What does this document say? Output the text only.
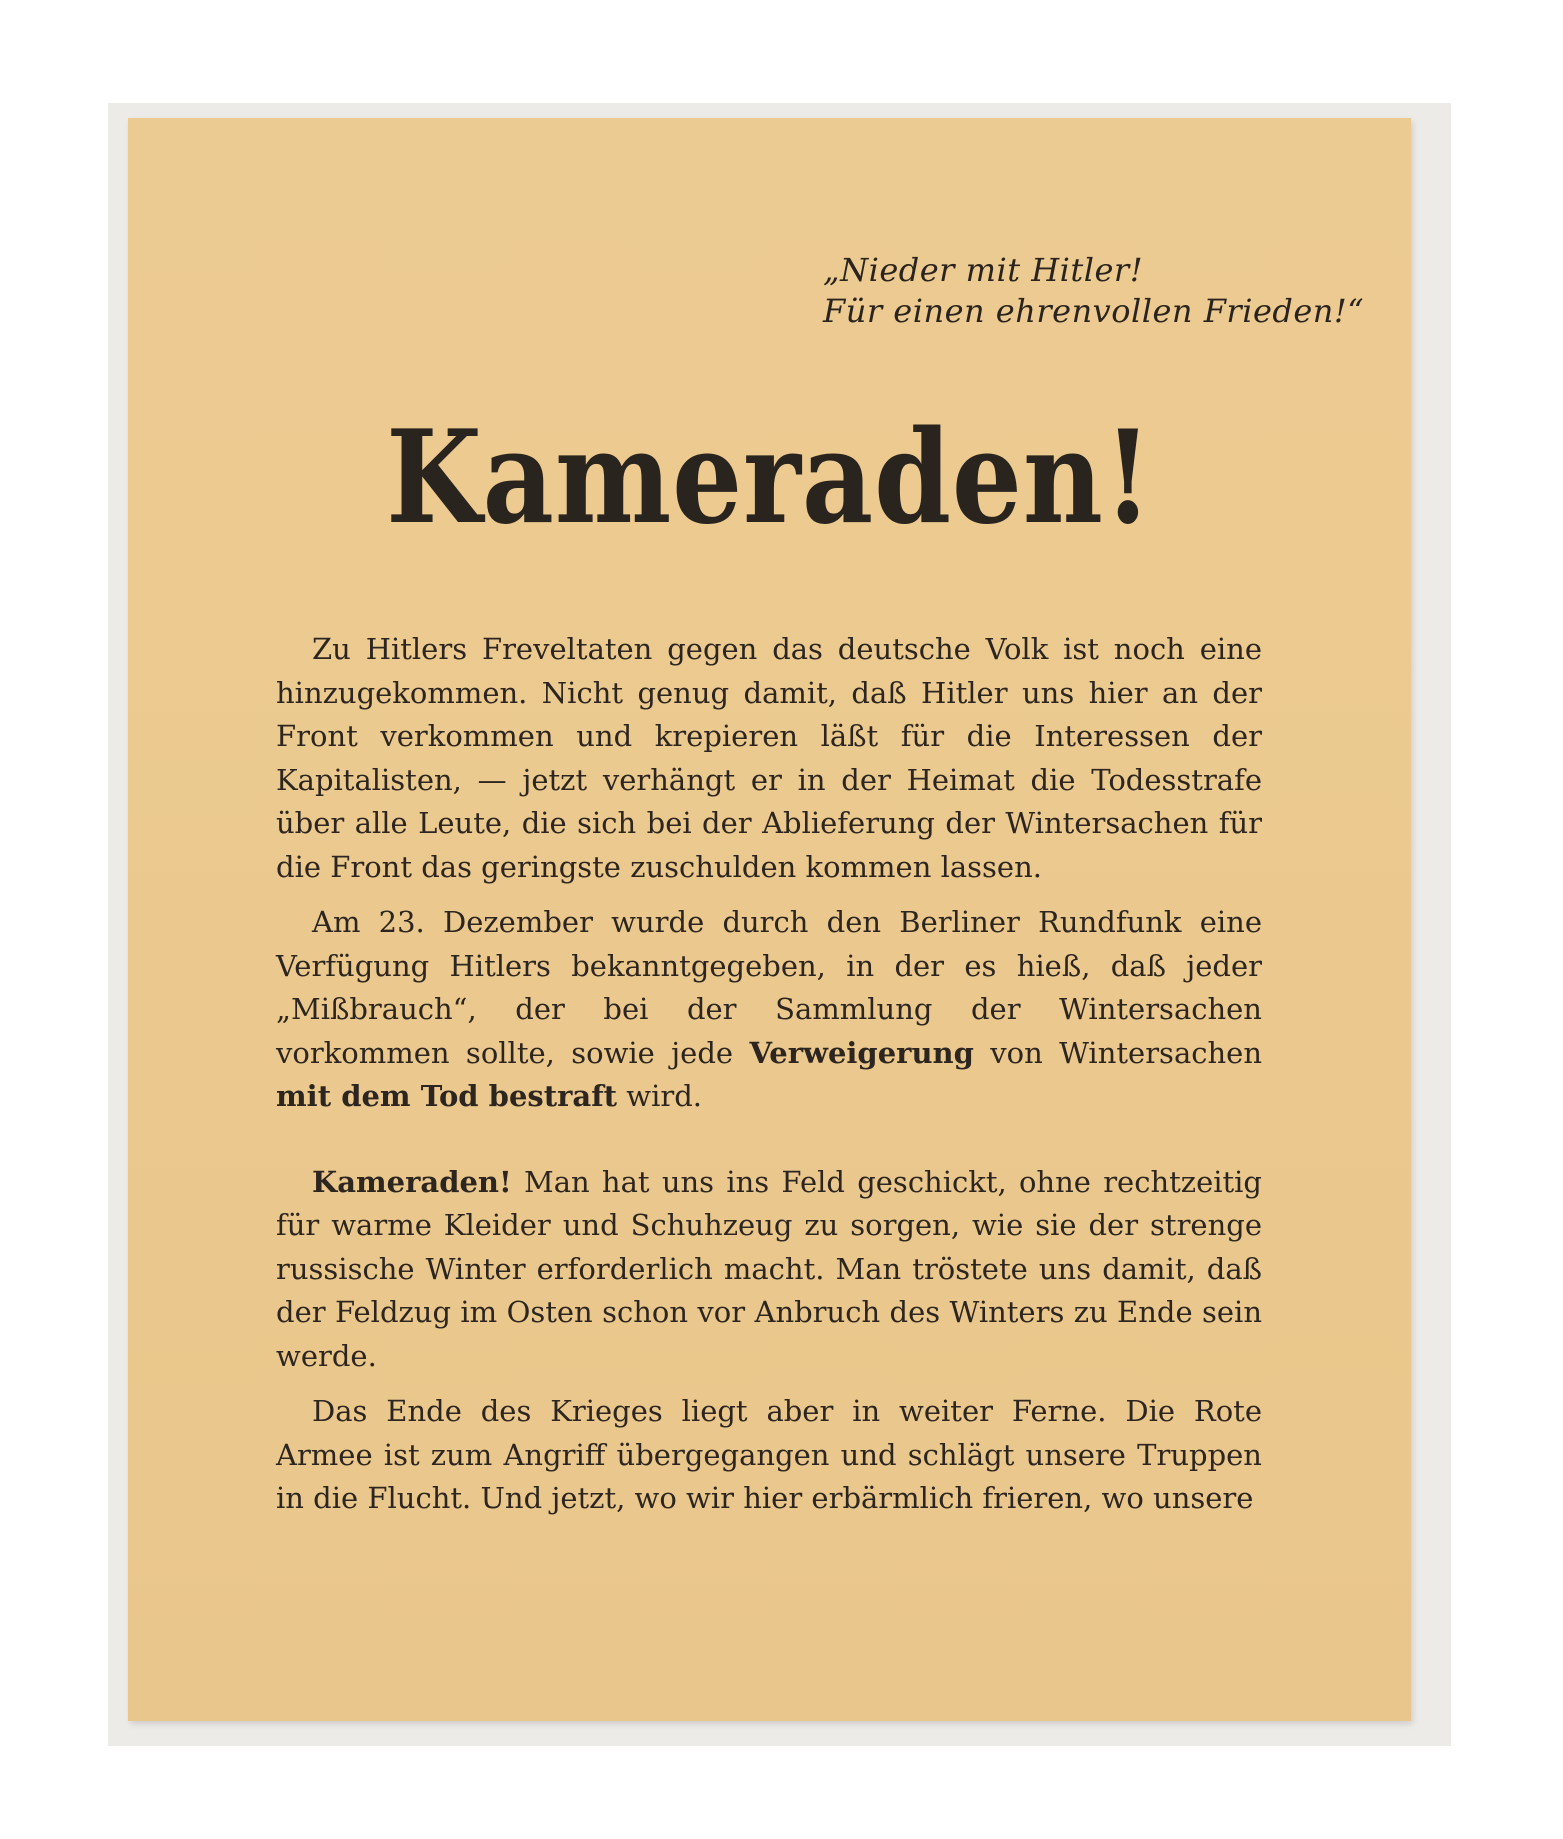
„Nieder mit Hitler!
Für einen ehrenvollen Frieden!“
Kameraden!

Zu Hitlers Freveltaten gegen das deutsche Volk ist noch eine hinzugekommen. Nicht genug damit, daß Hitler uns hier an der Front verkommen und krepieren läßt für die Interessen der Kapitalisten, — jetzt verhängt er in der Heimat die Todesstrafe über alle Leute, die sich bei der Ablieferung der Wintersachen für die Front das geringste zuschulden kommen lassen.

Am 23. Dezember wurde durch den Berliner Rundfunk eine Verfügung Hitlers bekanntgegeben, in der es hieß, daß jeder „Mißbrauch“, der bei der Sammlung der Wintersachen vorkommen sollte, sowie jede Verweigerung von Wintersachen mit dem Tod bestraft wird.

Kameraden! Man hat uns ins Feld geschickt, ohne rechtzeitig für warme Kleider und Schuhzeug zu sorgen, wie sie der strenge russische Winter erforderlich macht. Man tröstete uns damit, daß der Feldzug im Osten schon vor Anbruch des Winters zu Ende sein werde.

Das Ende des Krieges liegt aber in weiter Ferne. Die Rote Armee ist zum Angriff übergegangen und schlägt unsere Truppen in die Flucht. Und jetzt, wo wir hier erbärmlich frieren, wo unsere
